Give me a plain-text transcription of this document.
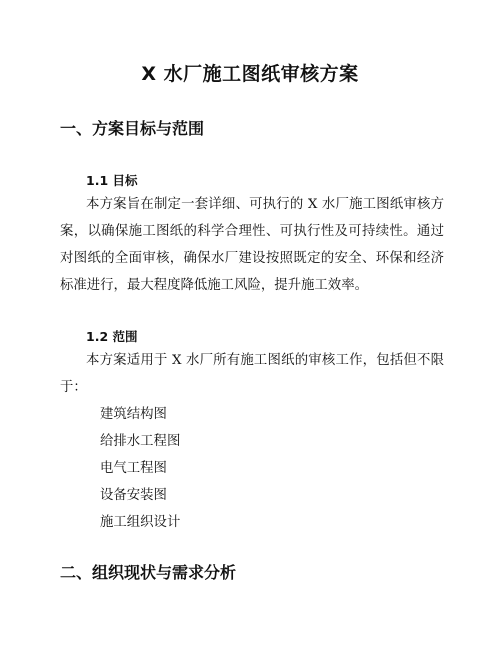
X 水厂施工图纸审核方案
一、方案目标与范围
1.1 目标

本方案旨在制定一套详细、可执行的 X 水厂施工图纸审核方案，以确保施工图纸的科学合理性、可执行性及可持续性。通过对图纸的全面审核，确保水厂建设按照既定的安全、环保和经济标准进行，最大程度降低施工风险，提升施工效率。

1.2 范围

本方案适用于 X 水厂所有施工图纸的审核工作，包括但不限于：

建筑结构图
给排水工程图
电气工程图
设备安装图
施工组织设计
二、组织现状与需求分析
